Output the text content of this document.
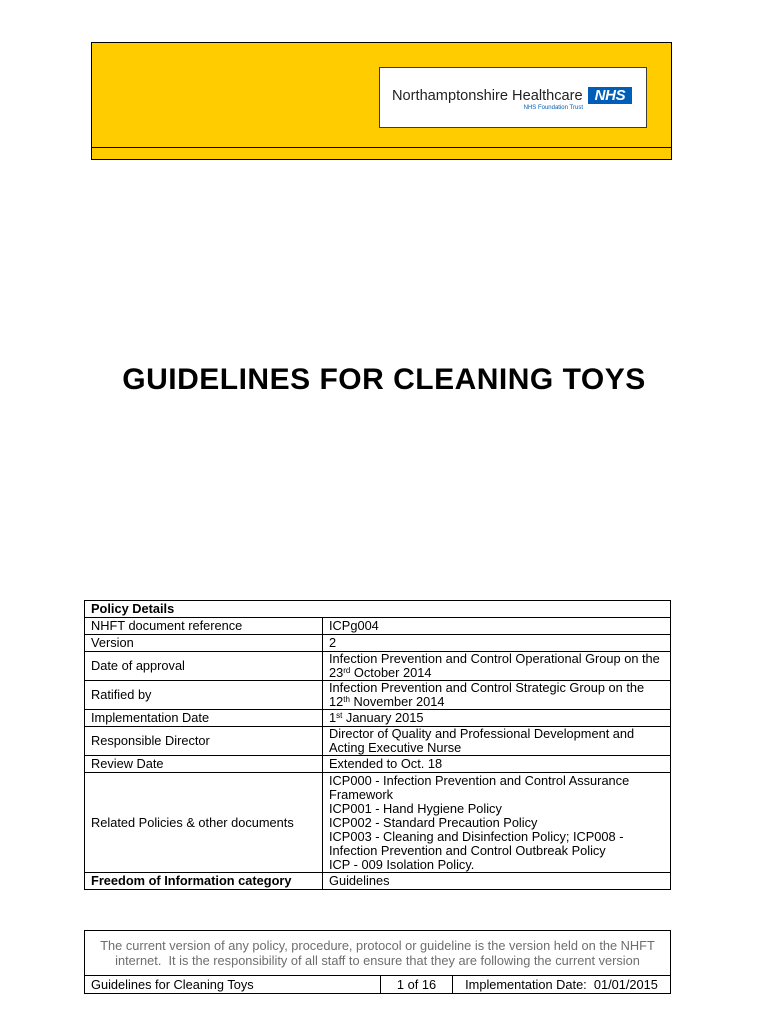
Northamptonshire Healthcare NHS
NHS Foundation Trust
GUIDELINES FOR CLEANING TOYS
Policy Details	
NHFT document reference	ICPg004
Version	2
Date of approval	Infection Prevention and Control Operational Group on the 23rd October 2014
Ratified by	Infection Prevention and Control Strategic Group on the 12th November 2014
Implementation Date	1st January 2015
Responsible Director	Director of Quality and Professional Development and Acting Executive Nurse
Review Date	Extended to Oct. 18
Related Policies & other documents	ICP000 - Infection Prevention and Control Assurance Framework
ICP001 - Hand Hygiene Policy
ICP002 - Standard Precaution Policy
ICP003 - Cleaning and Disinfection Policy; ICP008 - Infection Prevention and Control Outbreak Policy
ICP - 009 Isolation Policy.

Freedom of Information category	Guidelines
The current version of any policy, procedure, protocol or guideline is the version held on the NHFT internet.  It is the responsibility of all staff to ensure that they are following the current version
Guidelines for Cleaning Toys	1 of 16	Implementation Date:  01/01/2015
